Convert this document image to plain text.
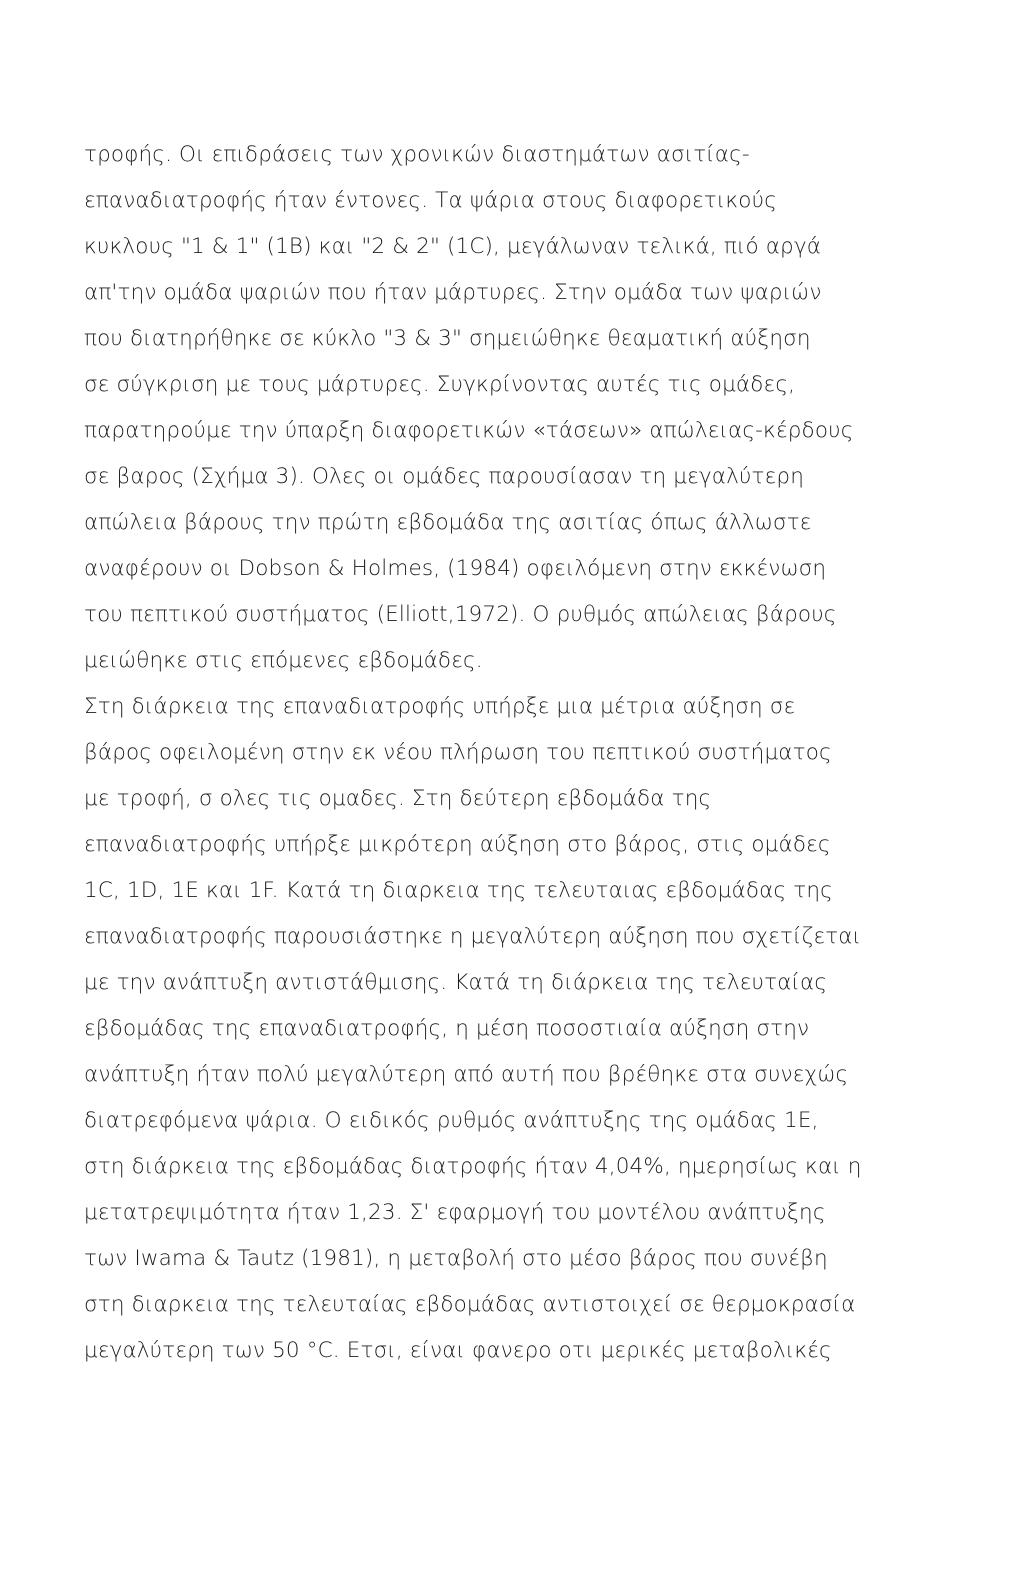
τροφής. Οι επιδράσεις των χρονικών διαστημάτων ασιτίας-
επαναδιατροφής ήταν έντονες. Τα ψάρια στους διαφορετικούς
κυκλους "1 & 1" (1B) και "2 & 2" (1C), μεγάλωναν τελικά, πιό αργά
απ'την ομάδα ψαριών που ήταν μάρτυρες. Στην ομάδα των ψαριών
που διατηρήθηκε σε κύκλο "3 & 3" σημειώθηκε θεαματική αύξηση
σε σύγκριση με τους μάρτυρες. Συγκρίνοντας αυτές τις ομάδες,
παρατηρούμε την ύπαρξη διαφορετικών «τάσεων» απώλειας-κέρδους
σε βαρος (Σχήμα 3). Ολες οι ομάδες παρουσίασαν τη μεγαλύτερη
απώλεια βάρους την πρώτη εβδομάδα της ασιτίας όπως άλλωστε
αναφέρουν οι Dobson & Holmes, (1984) οφειλόμενη στην εκκένωση
του πεπτικού συστήματος (Elliott,1972). Ο ρυθμός απώλειας βάρους
μειώθηκε στις επόμενες εβδομάδες.
Στη διάρκεια της επαναδιατροφής υπήρξε μια μέτρια αύξηση σε
βάρος οφειλομένη στην εκ νέου πλήρωση του πεπτικού συστήματος
με τροφή, σ ολες τις ομαδες. Στη δεύτερη εβδομάδα της
επαναδιατροφής υπήρξε μικρότερη αύξηση στο βάρος, στις ομάδες
1C, 1D, 1E και 1F. Κατά τη διαρκεια της τελευταιας εβδομάδας της
επαναδιατροφής παρουσιάστηκε η μεγαλύτερη αύξηση που σχετίζεται
με την ανάπτυξη αντιστάθμισης. Κατά τη διάρκεια της τελευταίας
εβδομάδας της επαναδιατροφής, η μέση ποσοστιαία αύξηση στην
ανάπτυξη ήταν πολύ μεγαλύτερη από αυτή που βρέθηκε στα συνεχώς
διατρεφόμενα ψάρια. Ο ειδικός ρυθμός ανάπτυξης της ομάδας 1E,
στη διάρκεια της εβδομάδας διατροφής ήταν 4,04%, ημερησίως και η
μετατρεψιμότητα ήταν 1,23. Σ' εφαρμογή του μοντέλου ανάπτυξης
των Iwama & Tautz (1981), η μεταβολή στο μέσο βάρος που συνέβη
στη διαρκεια της τελευταίας εβδομάδας αντιστοιχεί σε θερμοκρασία
μεγαλύτερη των 50 °C. Ετσι, είναι φανερο οτι μερικές μεταβολικές
